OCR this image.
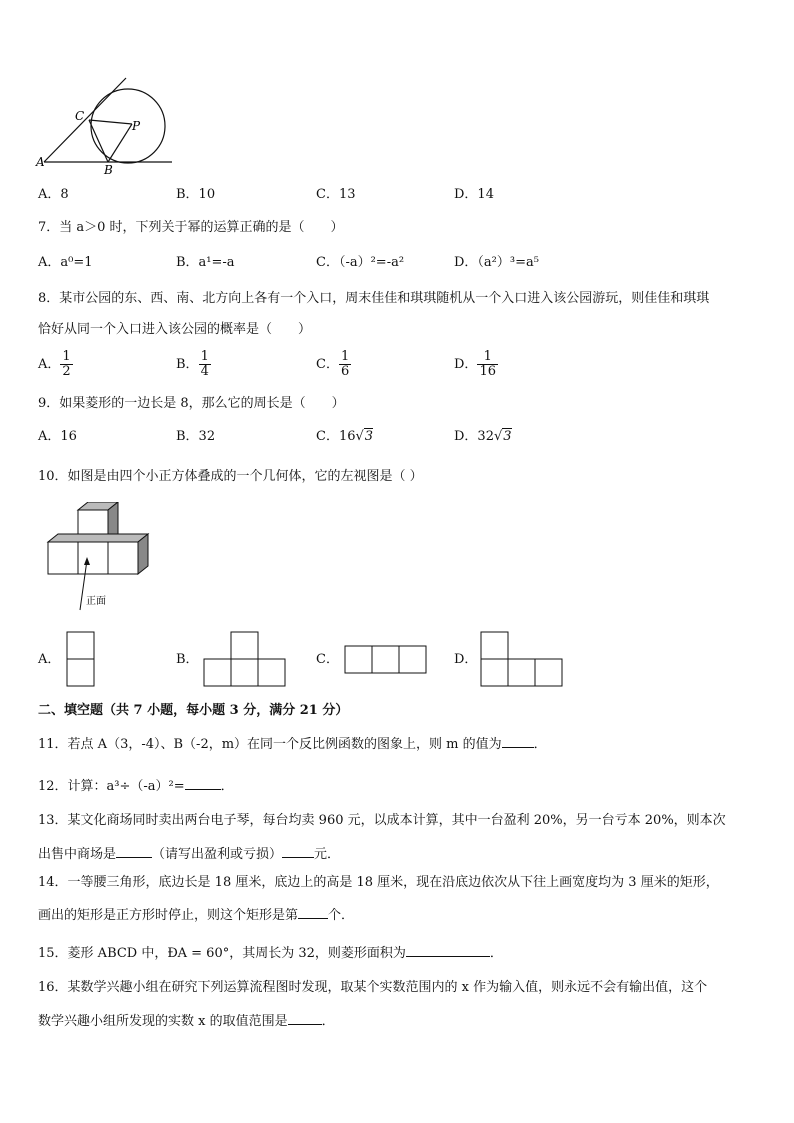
A
C
P
B
A．8	B．10	C．13	D．14
7．当 a＞0 时，下列关于幂的运算正确的是（　　）
A．a⁰=1	B．a¹=-a	C．（-a）²=-a²	D．（a²）³=a⁵
8．某市公园的东、西、南、北方向上各有一个入口，周末佳佳和琪琪随机从一个入口进入该公园游玩，则佳佳和琪琪
恰好从同一个入口进入该公园的概率是（　　）
A． $\frac{1}{2}$	B． $\frac{1}{4}$	C． $\frac{1}{6}$	D． $\frac{1}{16}$
9．如果菱形的一边长是 8，那么它的周长是（　　）
A．16	B．32	C．16√3	D．32√3
10．如图是由四个小正方体叠成的一个几何体，它的左视图是（ ）
正面
A．	B．	C．	D．
二、填空题（共 7 小题，每小题 3 分，满分 21 分）
11．若点 A（3，-4）、B（-2，m）在同一个反比例函数的图象上，则 m 的值为 ．
12．计算：a³÷（-a）²=	．
13．某文化商场同时卖出两台电子琴，每台均卖 960 元，以成本计算，其中一台盈利 20%，另一台亏本 20%，则本次
出售中商场是	（请写出盈利或亏损） 元．
14．一等腰三角形，底边长是 18 厘米，底边上的高是 18 厘米，现在沿底边依次从下往上画宽度均为 3 厘米的矩形，
画出的矩形是正方形时停止，则这个矩形是第 个．
15．菱形 ABCD 中，ÐA = 60°，其周长为 32，则菱形面积为	．
16．某数学兴趣小组在研究下列运算流程图时发现，取某个实数范围内的 x 作为输入值，则永远不会有输出值，这个
数学兴趣小组所发现的实数 x 的取值范围是	．
